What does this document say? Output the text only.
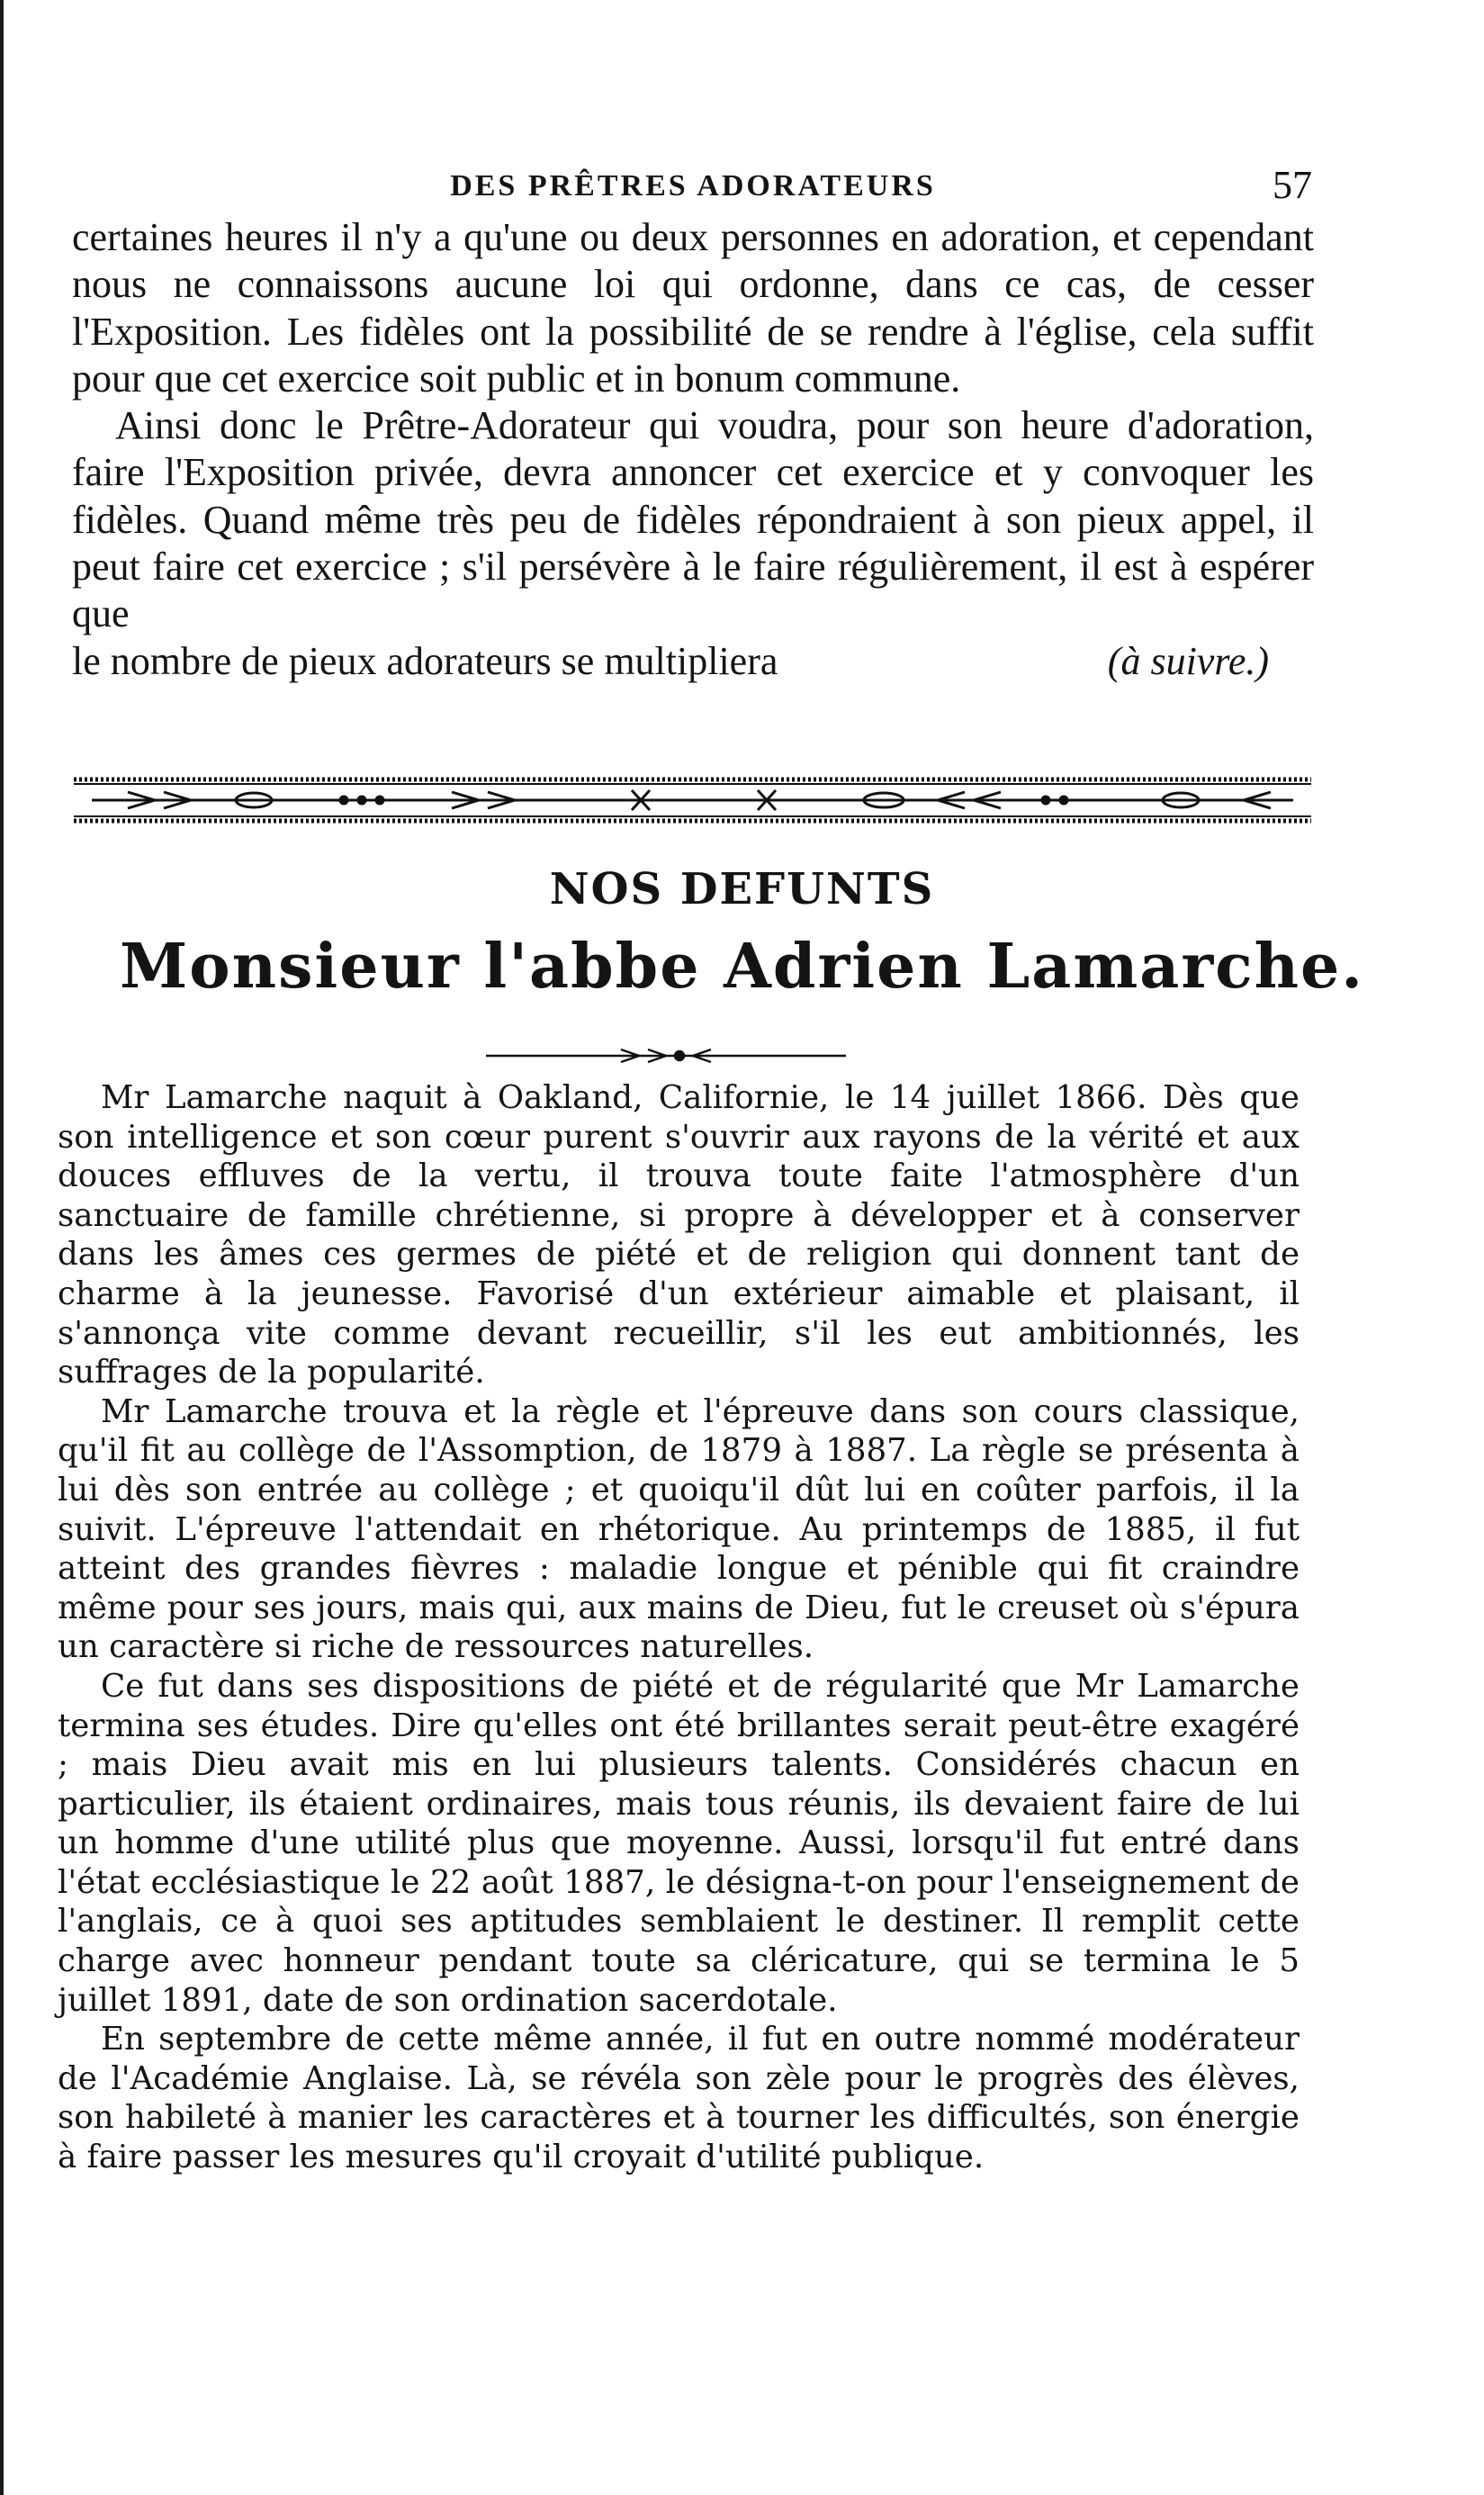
DES PRÊTRES ADORATEURS	57

certaines heures il n'y a qu'une ou deux personnes en adoration, et cependant nous ne connaissons aucune loi qui ordonne, dans ce cas, de cesser l'Exposition. Les fidèles ont la possibilité de se rendre à l'église, cela suffit pour que cet exercice soit public et in bonum commune.

Ainsi donc le Prêtre-Adorateur qui voudra, pour son heure d'adoration, faire l'Exposition privée, devra annoncer cet exercice et y convoquer les fidèles. Quand même très peu de fidèles répondraient à son pieux appel, il peut faire cet exercice ; s'il persévère à le faire régulièrement, il est à espérer que

le nombre de pieux adorateurs se multipliera	(à suivre.)
NOS DEFUNTS
Monsieur l'abbe Adrien Lamarche.

Mr Lamarche naquit à Oakland, Californie, le 14 juillet 1866. Dès que son intelligence et son cœur purent s'ouvrir aux rayons de la vérité et aux douces effluves de la vertu, il trouva toute faite l'atmosphère d'un sanctuaire de famille chrétienne, si propre à développer et à conserver dans les âmes ces germes de piété et de religion qui donnent tant de charme à la jeunesse. Favorisé d'un extérieur aimable et plaisant, il s'annonça vite comme devant recueillir, s'il les eut ambitionnés, les suffrages de la popularité.

Mr Lamarche trouva et la règle et l'épreuve dans son cours classique, qu'il fit au collège de l'Assomption, de 1879 à 1887. La règle se présenta à lui dès son entrée au collège ; et quoiqu'il dût lui en coûter parfois, il la suivit. L'épreuve l'attendait en rhétorique. Au printemps de 1885, il fut atteint des grandes fièvres : maladie longue et pénible qui fit craindre même pour ses jours, mais qui, aux mains de Dieu, fut le creuset où s'épura un caractère si riche de ressources naturelles.

Ce fut dans ses dispositions de piété et de régularité que Mr Lamarche termina ses études. Dire qu'elles ont été brillantes serait peut-être exagéré ; mais Dieu avait mis en lui plusieurs talents. Considérés chacun en particulier, ils étaient ordinaires, mais tous réunis, ils devaient faire de lui un homme d'une utilité plus que moyenne. Aussi, lorsqu'il fut entré dans l'état ecclésiastique le 22 août 1887, le désigna-t-on pour l'enseignement de l'anglais, ce à quoi ses aptitudes semblaient le destiner. Il remplit cette charge avec honneur pendant toute sa cléricature, qui se termina le 5 juillet 1891, date de son ordination sacerdotale.

En septembre de cette même année, il fut en outre nommé modérateur de l'Académie Anglaise. Là, se révéla son zèle pour le progrès des élèves, son habileté à manier les caractères et à tourner les difficultés, son énergie à faire passer les mesures qu'il croyait d'utilité publique.
